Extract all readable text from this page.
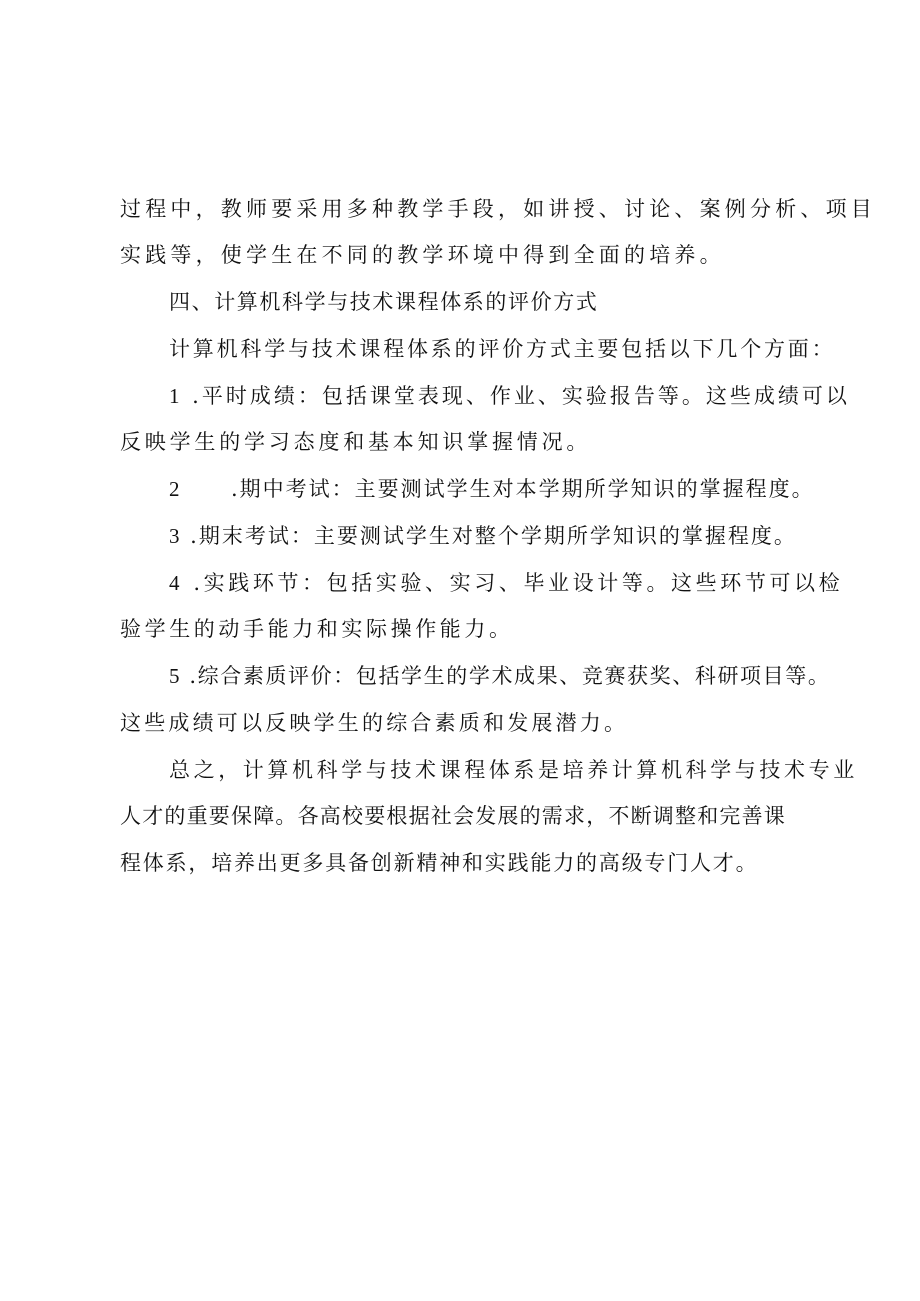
过程中，教师要采用多种教学手段，如讲授、讨论、案例分析、项目

实践等，使学生在不同的教学环境中得到全面的培养。

四、计算机科学与技术课程体系的评价方式

计算机科学与技术课程体系的评价方式主要包括以下几个方面：

1 .平时成绩：包括课堂表现、作业、实验报告等。这些成绩可以

反映学生的学习态度和基本知识掌握情况。

2 .期中考试：主要测试学生对本学期所学知识的掌握程度。

3 .期末考试：主要测试学生对整个学期所学知识的掌握程度。

4 .实践环节：包括实验、实习、毕业设计等。这些环节可以检

验学生的动手能力和实际操作能力。

5 .综合素质评价：包括学生的学术成果、竞赛获奖、科研项目等。

这些成绩可以反映学生的综合素质和发展潜力。

总之，计算机科学与技术课程体系是培养计算机科学与技术专业

人才的重要保障。各高校要根据社会发展的需求，不断调整和完善课

程体系，培养出更多具备创新精神和实践能力的高级专门人才。
